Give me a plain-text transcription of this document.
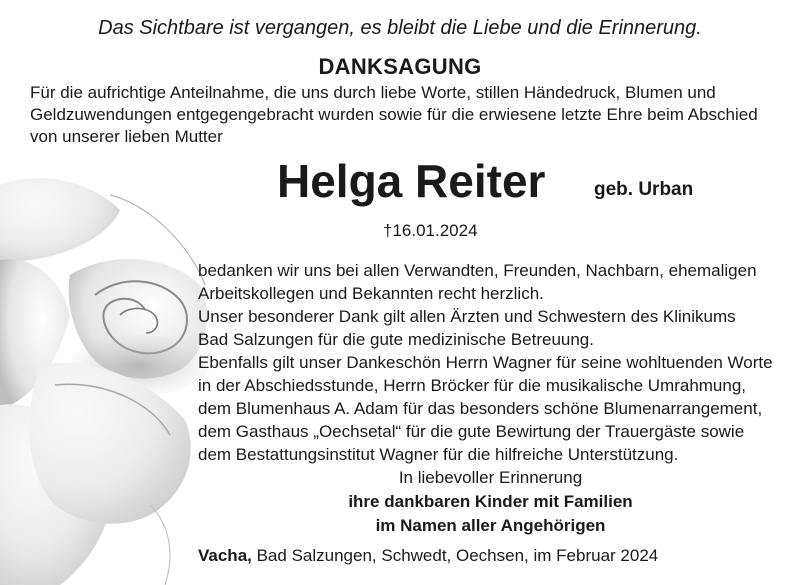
Das Sichtbare ist vergangen, es bleibt die Liebe und die Erinnerung.
DANKSAGUNG
Für die aufrichtige Anteilnahme, die uns durch liebe Worte, stillen Händedruck, Blumen und
Geldzuwendungen entgegengebracht wurden sowie für die erwiesene letzte Ehre beim Abschied
von unserer lieben Mutter
Helga Reiter	geb. Urban
†16.01.2024
bedanken wir uns bei allen Verwandten, Freunden, Nachbarn, ehemaligen
Arbeitskollegen und Bekannten recht herzlich.
Unser besonderer Dank gilt allen Ärzten und Schwestern des Klinikums
Bad Salzungen für die gute medizinische Betreuung.
Ebenfalls gilt unser Dankeschön Herrn Wagner für seine wohltuenden Worte
in der Abschiedsstunde, Herrn Bröcker für die musikalische Umrahmung,
dem Blumenhaus A. Adam für das besonders schöne Blumenarrangement,
dem Gasthaus „Oechsetal“ für die gute Bewirtung der Trauergäste sowie
dem Bestattungsinstitut Wagner für die hilfreiche Unterstützung.
In liebevoller Erinnerung
ihre dankbaren Kinder mit Familien
im Namen aller Angehörigen
Vacha, Bad Salzungen, Schwedt, Oechsen, im Februar 2024
